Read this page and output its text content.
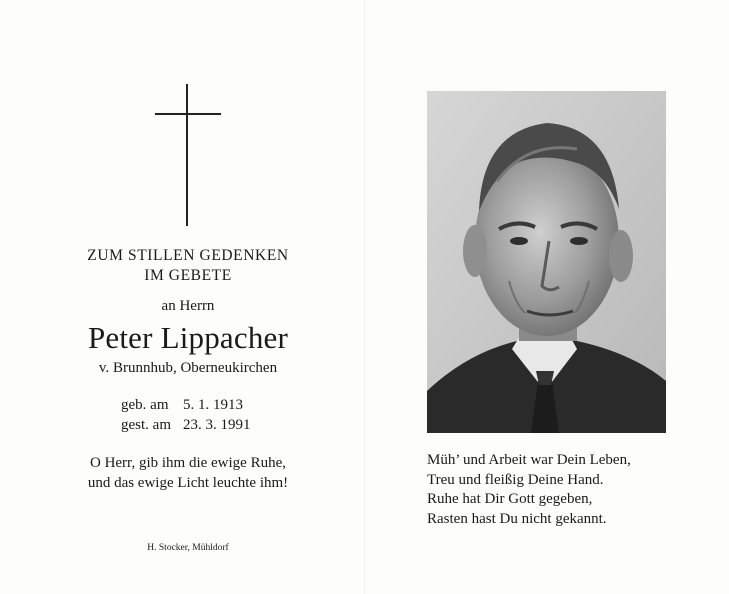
ZUM STILLEN GEDENKEN
IM GEBETE
an Herrn
Peter Lippacher
v. Brunnhub, Oberneukirchen
geb. am 5. 1. 1913
gest. am 23. 3. 1991
O Herr, gib ihm die ewige Ruhe,
und das ewige Licht leuchte ihm!
H. Stocker, Mühldorf
Müh’ und Arbeit war Dein Leben,
Treu und fleißig Deine Hand.
Ruhe hat Dir Gott gegeben,
Rasten hast Du nicht gekannt.
